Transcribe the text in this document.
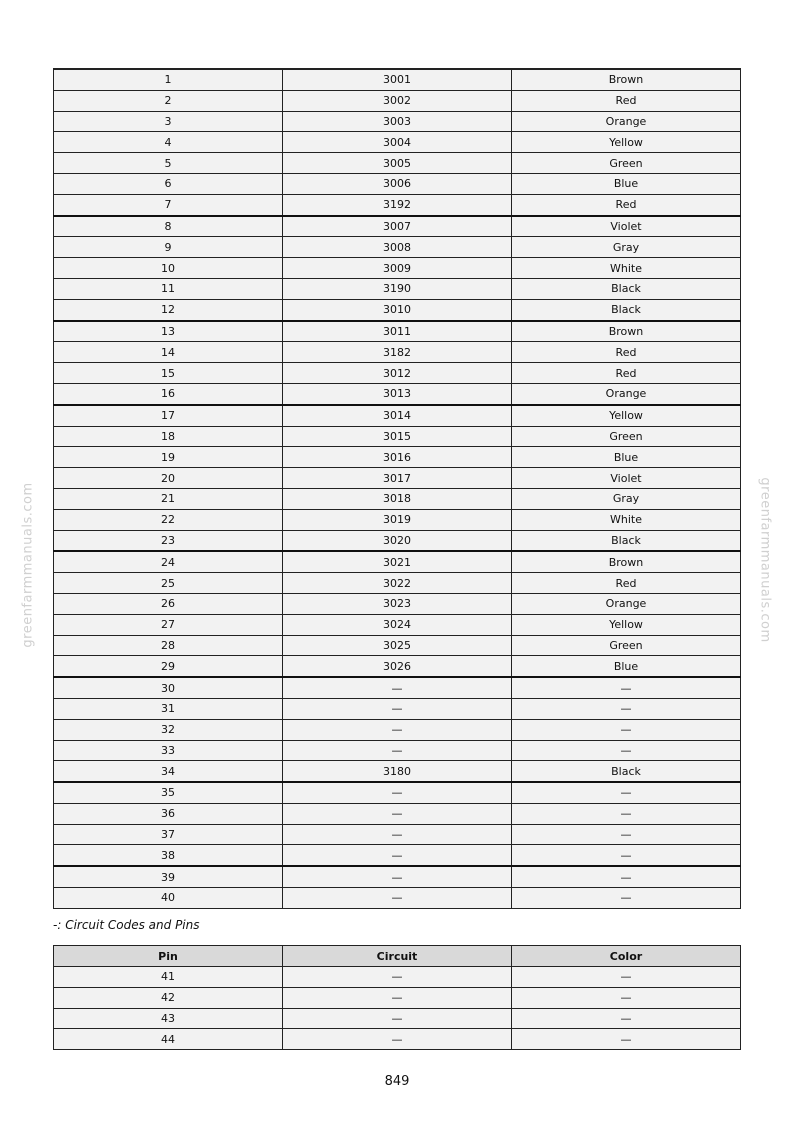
greenfarmmanuals.com	greenfarmmanuals.com
1	3001	Brown
2	3002	Red
3	3003	Orange
4	3004	Yellow
5	3005	Green
6	3006	Blue
7	3192	Red
8	3007	Violet
9	3008	Gray
10	3009	White
11	3190	Black
12	3010	Black
13	3011	Brown
14	3182	Red
15	3012	Red
16	3013	Orange
17	3014	Yellow
18	3015	Green
19	3016	Blue
20	3017	Violet
21	3018	Gray
22	3019	White
23	3020	Black
24	3021	Brown
25	3022	Red
26	3023	Orange
27	3024	Yellow
28	3025	Green
29	3026	Blue
30	—	—
31	—	—
32	—	—
33	—	—
34	3180	Black
35	—	—
36	—	—
37	—	—
38	—	—
39	—	—
40	—	—
-: Circuit Codes and Pins
Pin	Circuit	Color
41	—	—
42	—	—
43	—	—
44	—	—
849
